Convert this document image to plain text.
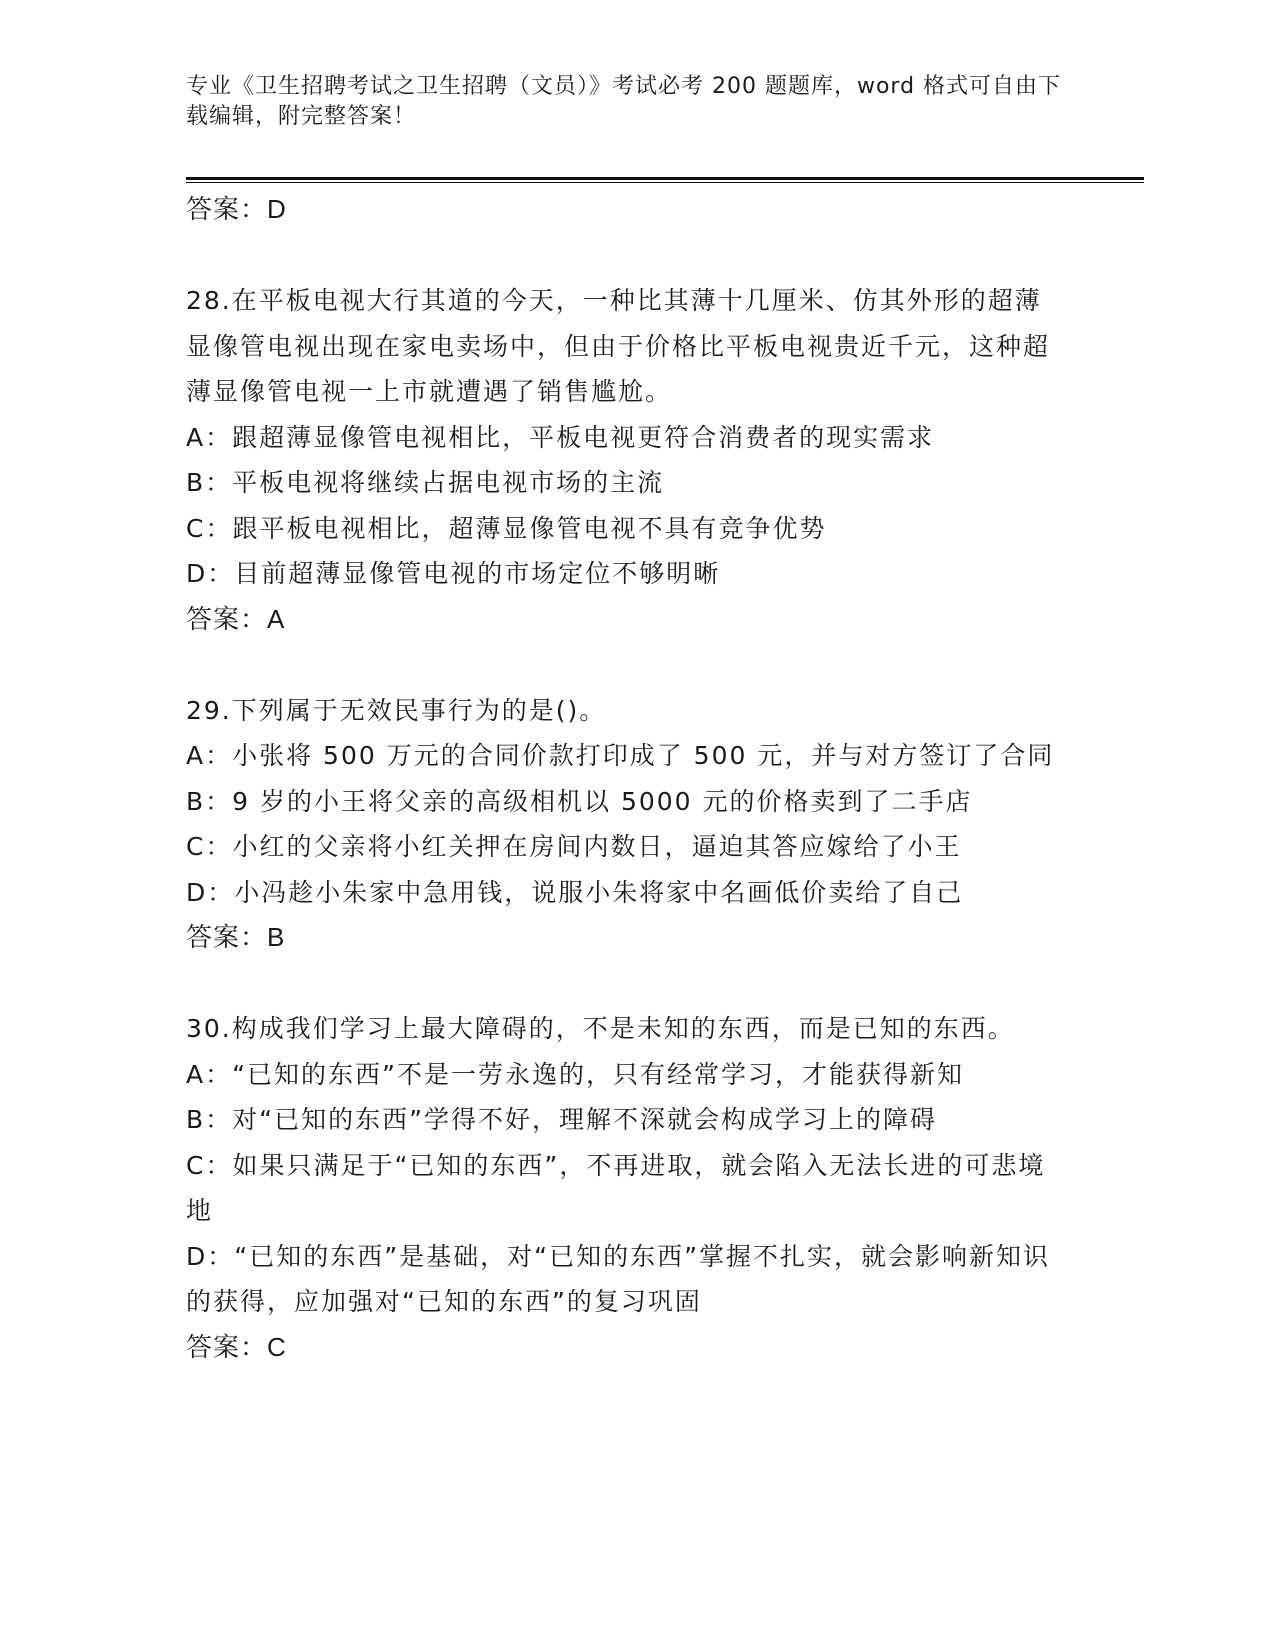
专业《卫生招聘考试之卫生招聘（文员）》考试必考 200 题题库，word 格式可自由下载编辑，附完整答案！
答案：D
28.在平板电视大行其道的今天，一种比其薄十几厘米、仿其外形的超薄显像管电视出现在家电卖场中，但由于价格比平板电视贵近千元，这种超薄显像管电视一上市就遭遇了销售尴尬。
A：跟超薄显像管电视相比，平板电视更符合消费者的现实需求
B：平板电视将继续占据电视市场的主流
C：跟平板电视相比，超薄显像管电视不具有竞争优势
D：目前超薄显像管电视的市场定位不够明晰
答案：A
29.下列属于无效民事行为的是()。
A：小张将 500 万元的合同价款打印成了 500 元，并与对方签订了合同
B：9 岁的小王将父亲的高级相机以 5000 元的价格卖到了二手店
C：小红的父亲将小红关押在房间内数日，逼迫其答应嫁给了小王
D：小冯趁小朱家中急用钱，说服小朱将家中名画低价卖给了自己
答案：B
30.构成我们学习上最大障碍的，不是未知的东西，而是已知的东西。
A：“已知的东西”不是一劳永逸的，只有经常学习，才能获得新知
B：对“已知的东西”学得不好，理解不深就会构成学习上的障碍
C：如果只满足于“已知的东西”，不再进取，就会陷入无法长进的可悲境地
D：“已知的东西”是基础，对“已知的东西”掌握不扎实，就会影响新知识的获得，应加强对“已知的东西”的复习巩固
答案：C
